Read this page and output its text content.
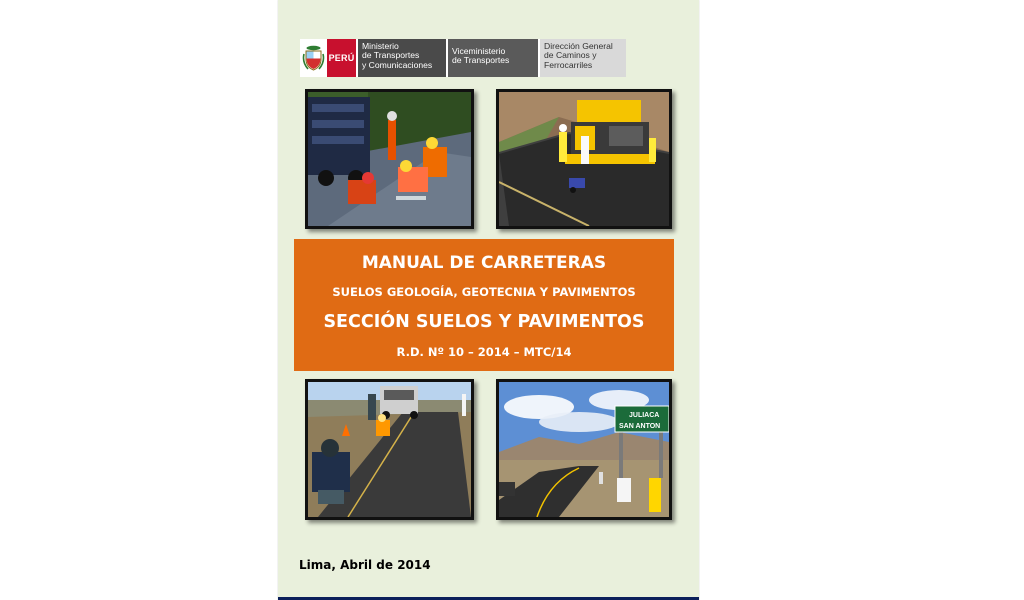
PERÚ
Ministerio
de Transportes
y Comunicaciones
Viceministerio
de Transportes
Dirección General
de Caminos y
Ferrocarriles
MANUAL DE CARRETERAS
SUELOS GEOLOGÍA, GEOTECNIA Y PAVIMENTOS
SECCIÓN SUELOS Y PAVIMENTOS
R.D. Nº 10 – 2014 – MTC/14
JULIACA
SAN ANTON
Lima, Abril de 2014
